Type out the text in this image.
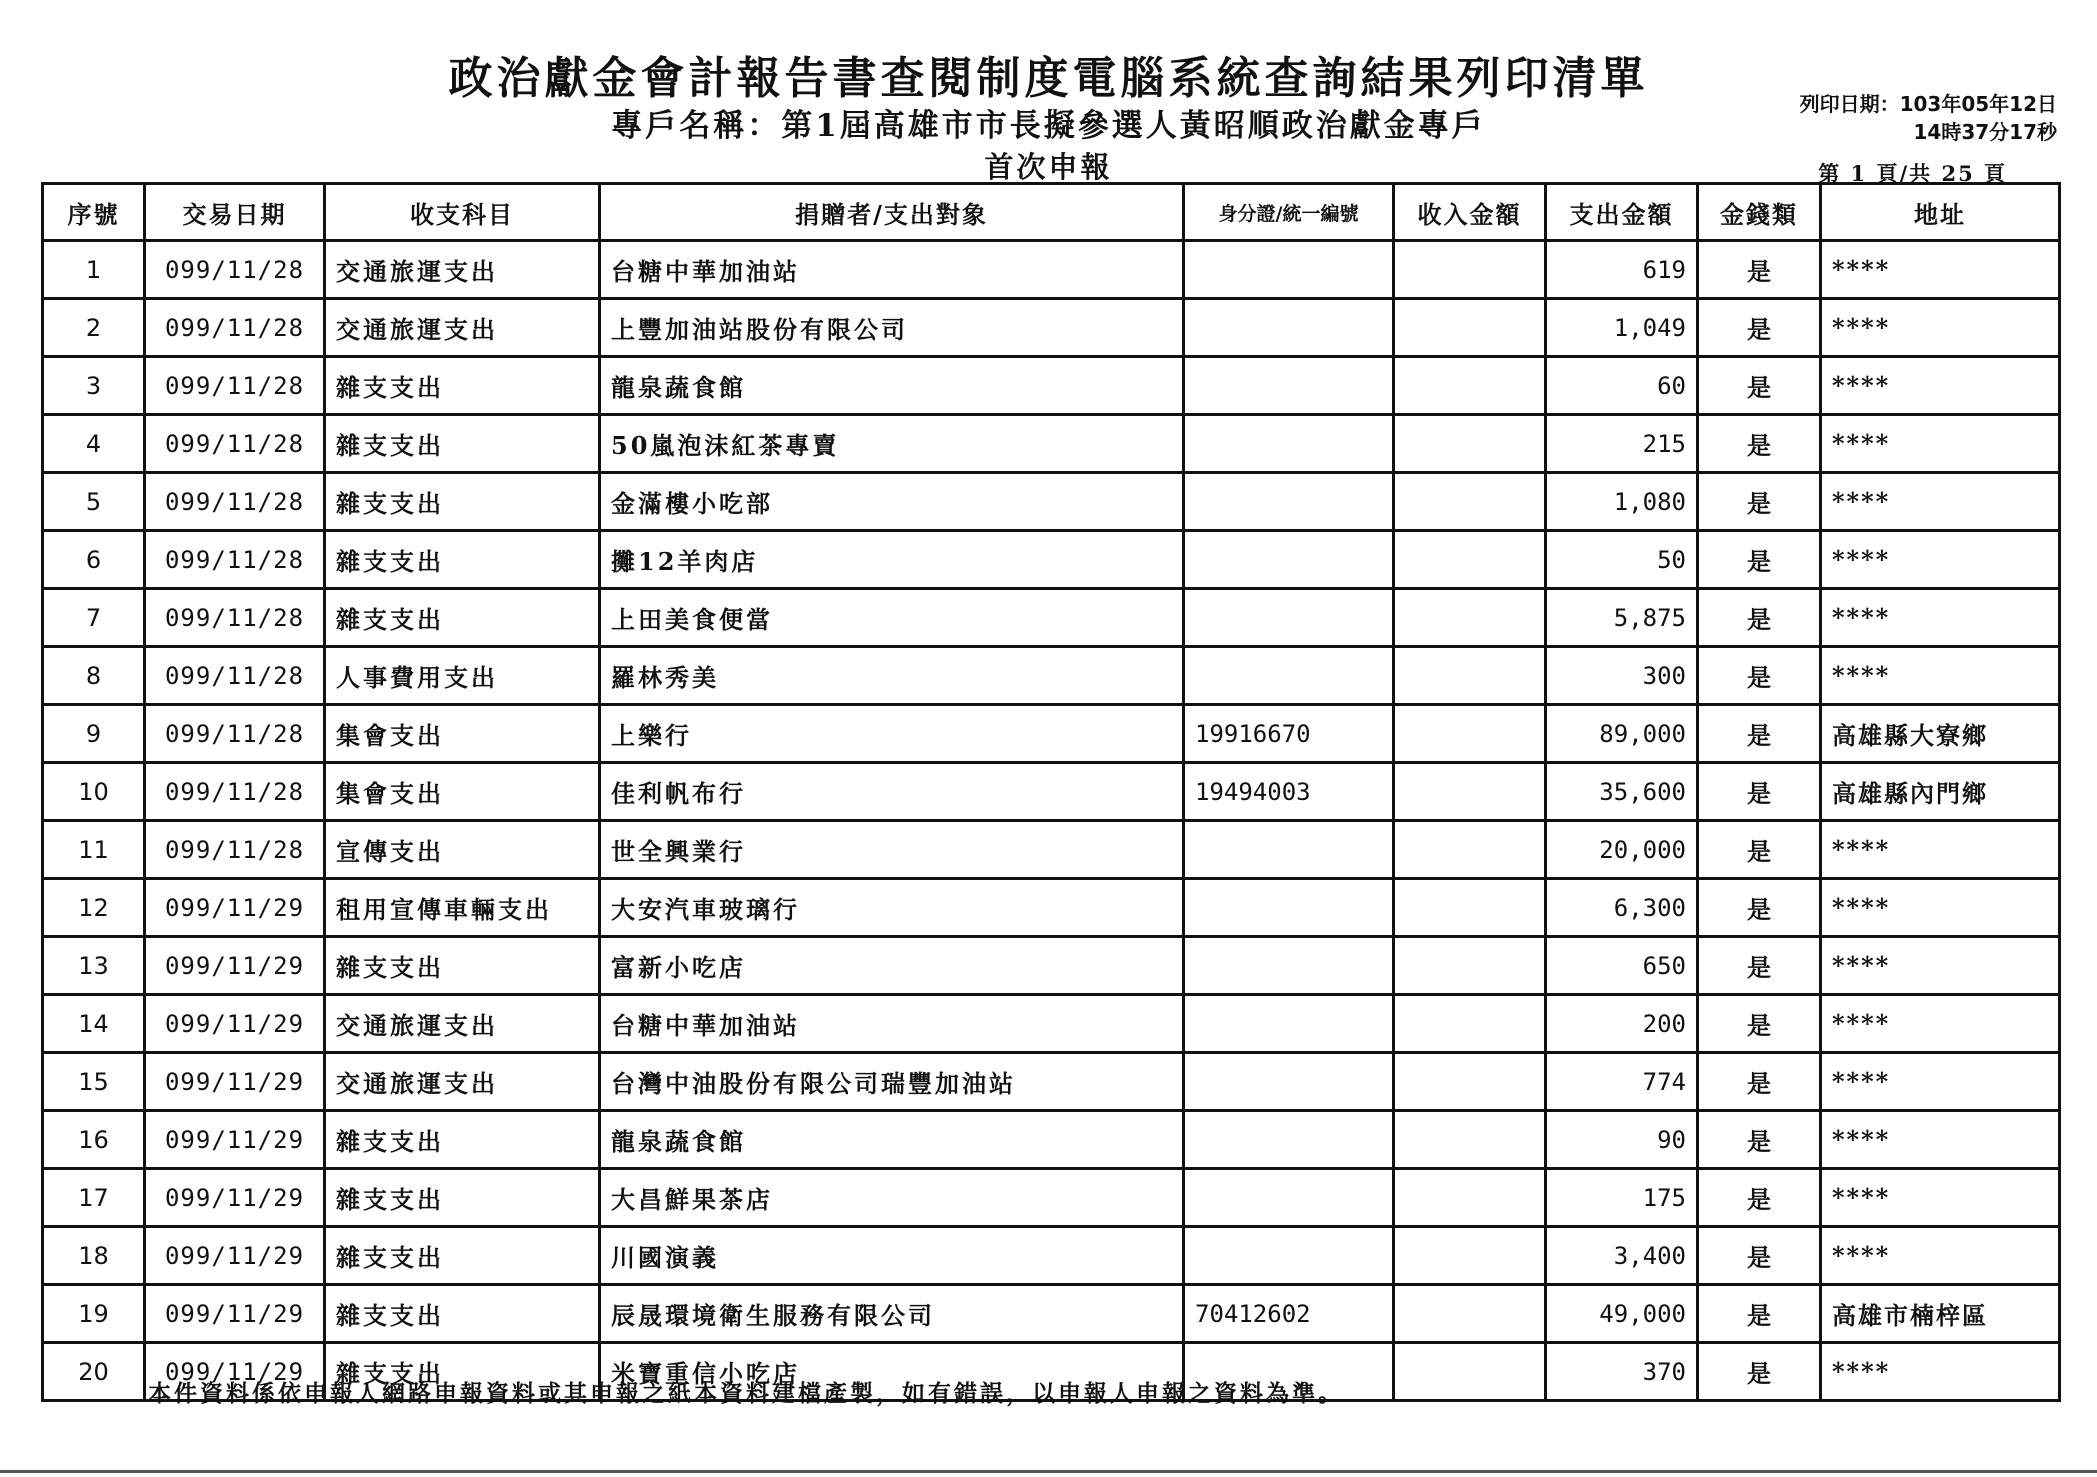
政治獻金會計報告書查閱制度電腦系統查詢結果列印清單
專戶名稱：第1屆高雄市市長擬參選人黃昭順政治獻金專戶
首次申報
列印日期：103年05年12日
14時37分17秒
第 1 頁/共 25 頁
序號	交易日期	收支科目	捐贈者/支出對象	身分證/統一編號	收入金額	支出金額	金錢類	地址
1	099/11/28	交通旅運支出	台糖中華加油站			619	是	****
2	099/11/28	交通旅運支出	上豐加油站股份有限公司			1,049	是	****
3	099/11/28	雜支支出	龍泉蔬食館			60	是	****
4	099/11/28	雜支支出	50嵐泡沫紅茶專賣			215	是	****
5	099/11/28	雜支支出	金滿樓小吃部			1,080	是	****
6	099/11/28	雜支支出	攤12羊肉店			50	是	****
7	099/11/28	雜支支出	上田美食便當			5,875	是	****
8	099/11/28	人事費用支出	羅林秀美			300	是	****
9	099/11/28	集會支出	上樂行	19916670		89,000	是	高雄縣大寮鄉
10	099/11/28	集會支出	佳利帆布行	19494003		35,600	是	高雄縣內門鄉
11	099/11/28	宣傳支出	世全興業行			20,000	是	****
12	099/11/29	租用宣傳車輛支出	大安汽車玻璃行			6,300	是	****
13	099/11/29	雜支支出	富新小吃店			650	是	****
14	099/11/29	交通旅運支出	台糖中華加油站			200	是	****
15	099/11/29	交通旅運支出	台灣中油股份有限公司瑞豐加油站			774	是	****
16	099/11/29	雜支支出	龍泉蔬食館			90	是	****
17	099/11/29	雜支支出	大昌鮮果茶店			175	是	****
18	099/11/29	雜支支出	川國演義			3,400	是	****
19	099/11/29	雜支支出	辰晟環境衛生服務有限公司	70412602		49,000	是	高雄市楠梓區
20	099/11/29	雜支支出	米寶重信小吃店			370	是	****
本件資料係依申報人網路申報資料或其申報之紙本資料建檔產製，如有錯誤，以申報人申報之資料為準。
